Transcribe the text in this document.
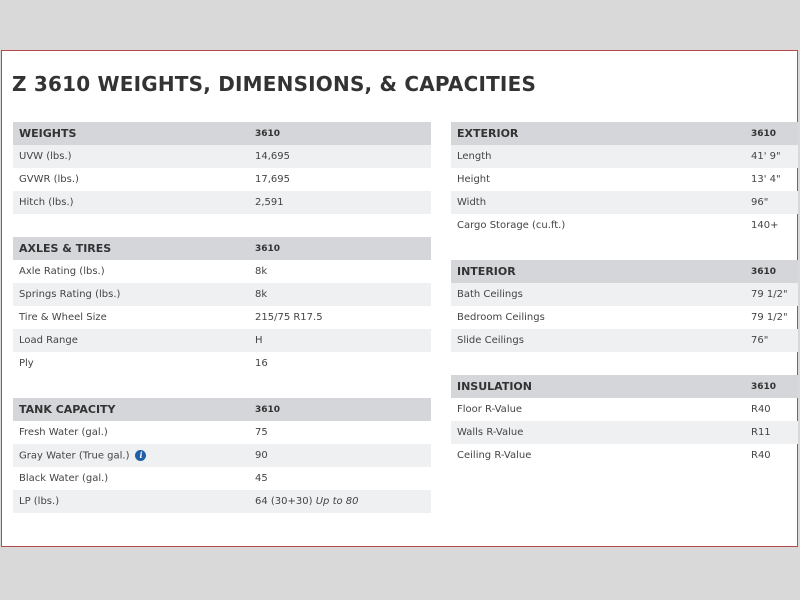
Z 3610 WEIGHTS, DIMENSIONS, & CAPACITIES
WEIGHTS	3610
UVW (lbs.)	14,695
GVWR (lbs.)	17,695
Hitch (lbs.)	2,591
AXLES & TIRES	3610
Axle Rating (lbs.)	8k
Springs Rating (lbs.)	8k
Tire & Wheel Size	215/75 R17.5
Load Range	H
Ply	16
TANK CAPACITY	3610
Fresh Water (gal.)	75
Gray Water (True gal.) i	90
Black Water (gal.)	45
LP (lbs.)	64 (30+30) Up to 80
EXTERIOR	3610
Length	41' 9"
Height	13' 4"
Width	96"
Cargo Storage (cu.ft.)	140+
INTERIOR	3610
Bath Ceilings	79 1/2"
Bedroom Ceilings	79 1/2"
Slide Ceilings	76"
INSULATION	3610
Floor R-Value	R40
Walls R-Value	R11
Ceiling R-Value	R40
